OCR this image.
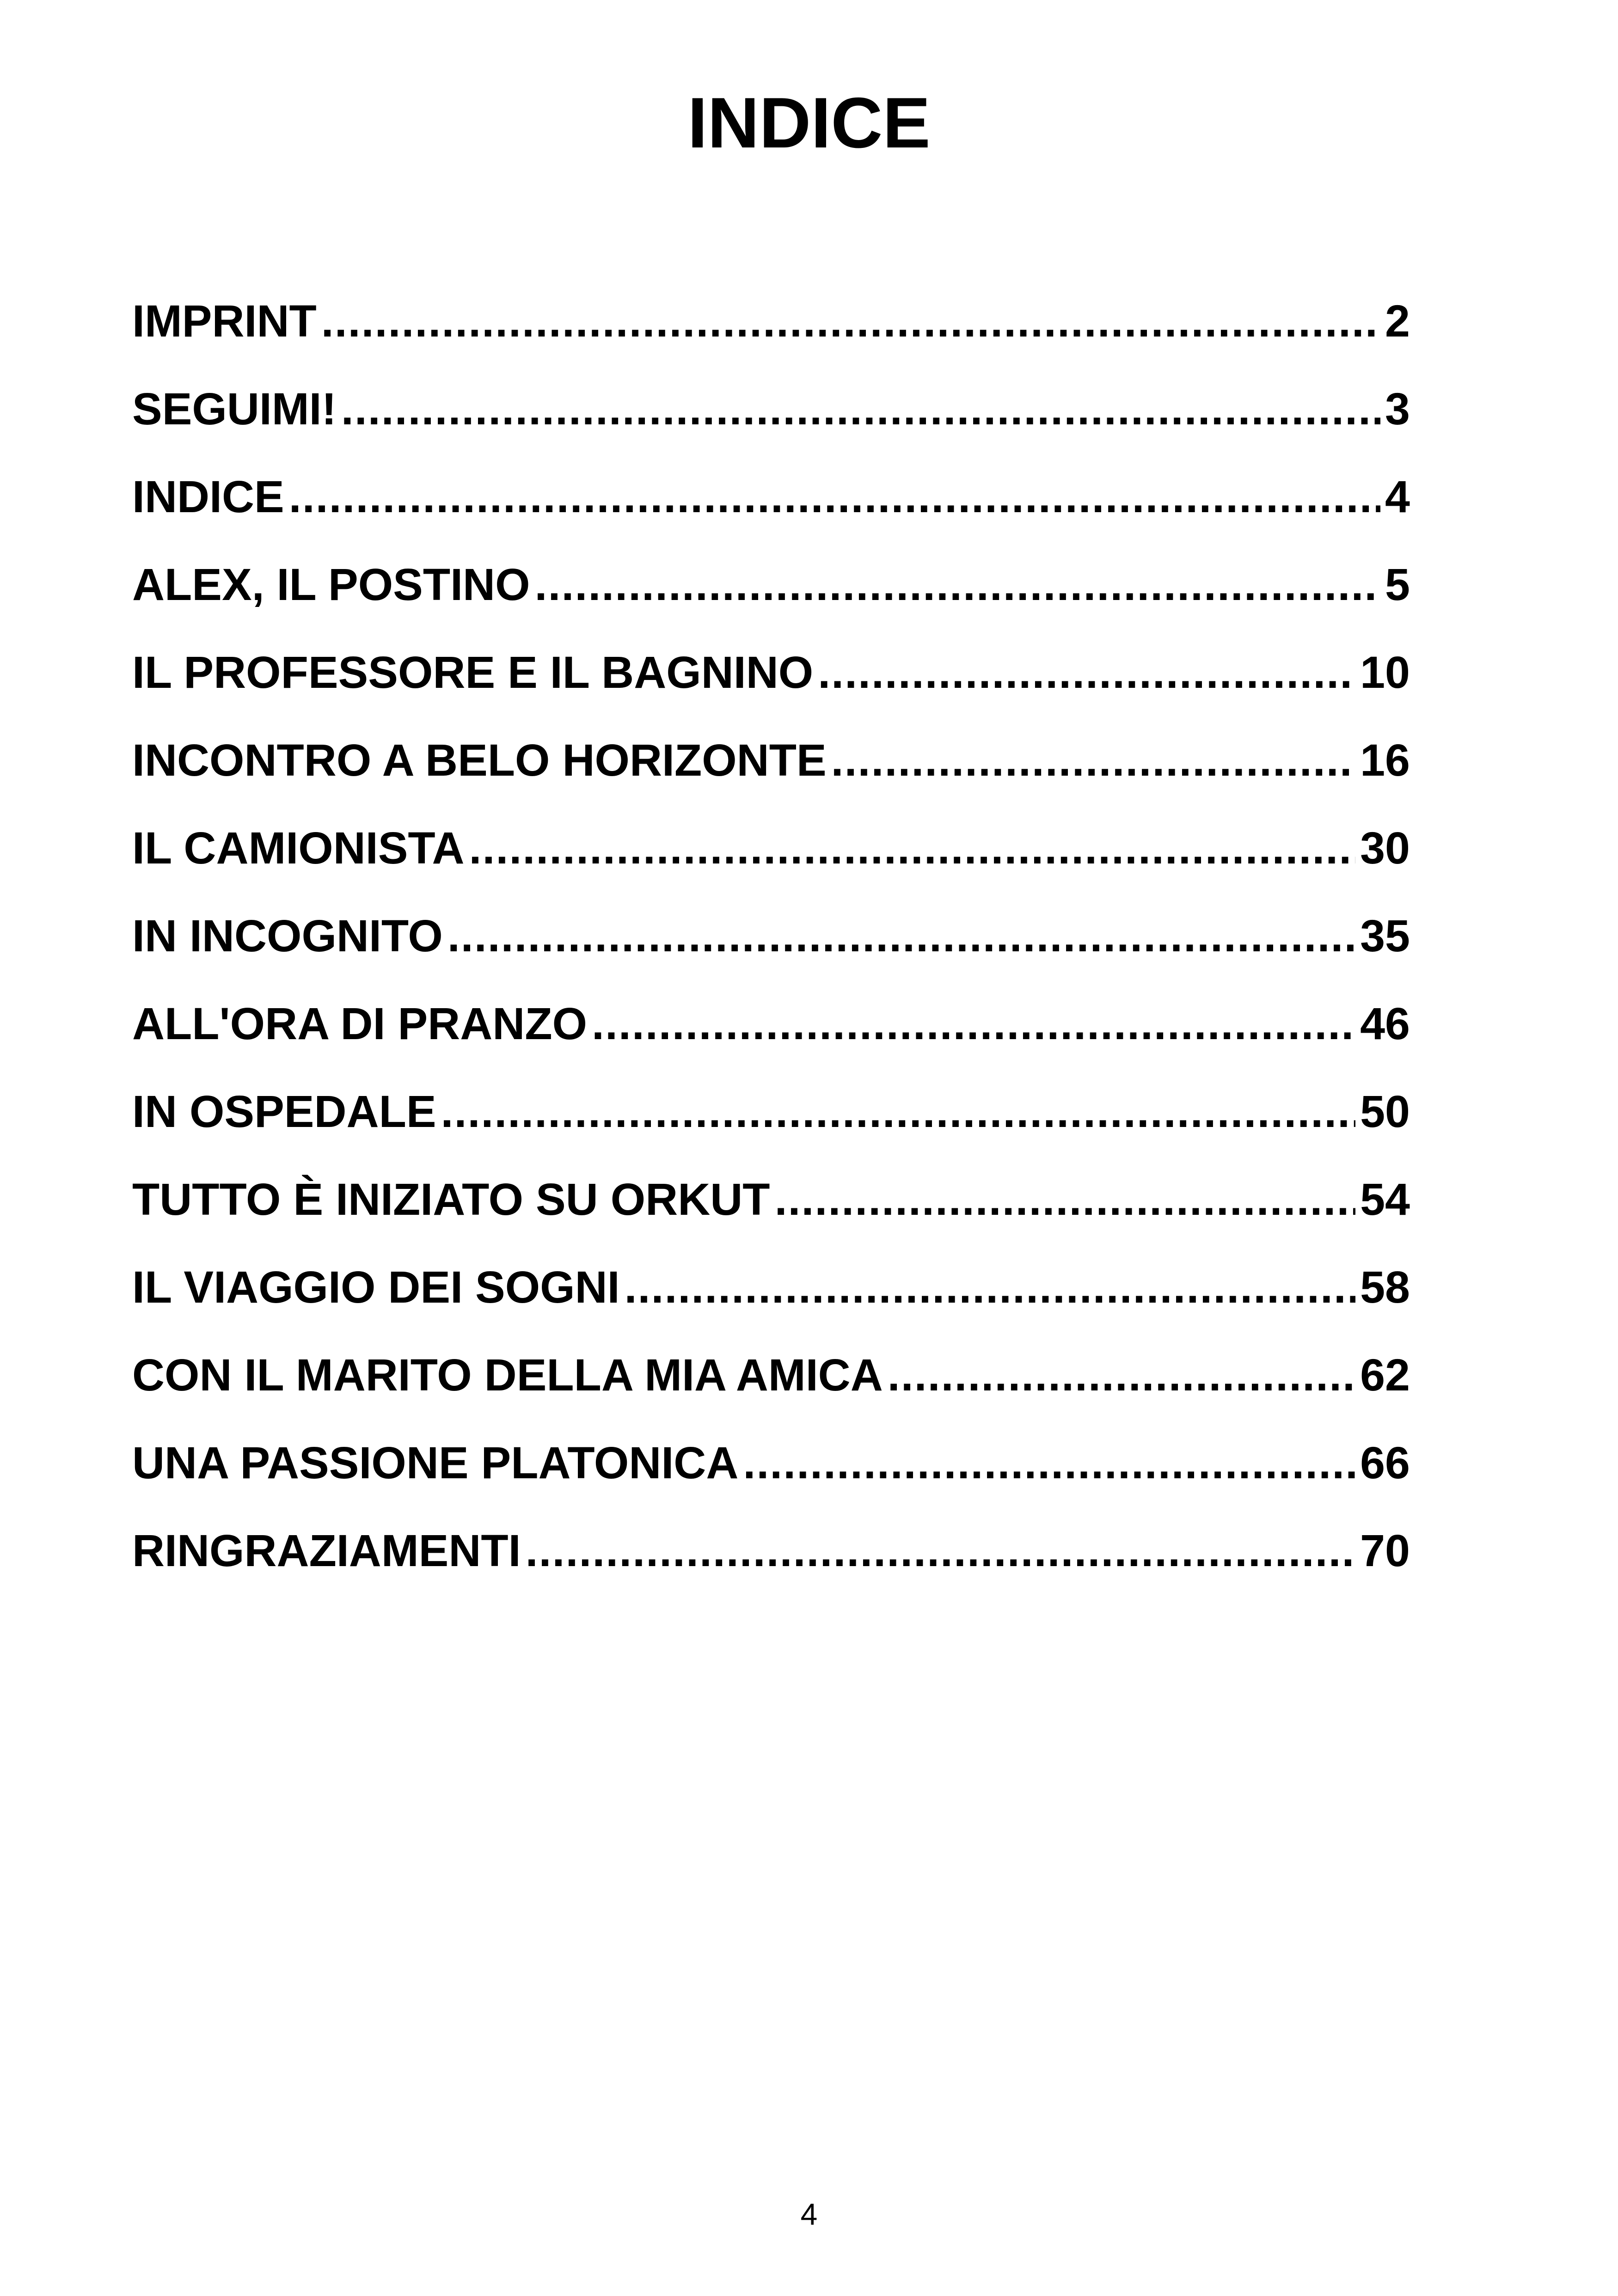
INDICE
IMPRINT .....	2
SEGUIMI! .....	3
INDICE .....	4
ALEX, IL POSTINO .....	5
IL PROFESSORE E IL BAGNINO .....	10
INCONTRO A BELO HORIZONTE .....	16
IL CAMIONISTA .....	30
IN INCOGNITO .....	35
ALL'ORA DI PRANZO .....	46
IN OSPEDALE .....	50
TUTTO È INIZIATO SU ORKUT .....	54
IL VIAGGIO DEI SOGNI .....	58
CON IL MARITO DELLA MIA AMICA .....	62
UNA PASSIONE PLATONICA .....	66
RINGRAZIAMENTI .....	70
4
